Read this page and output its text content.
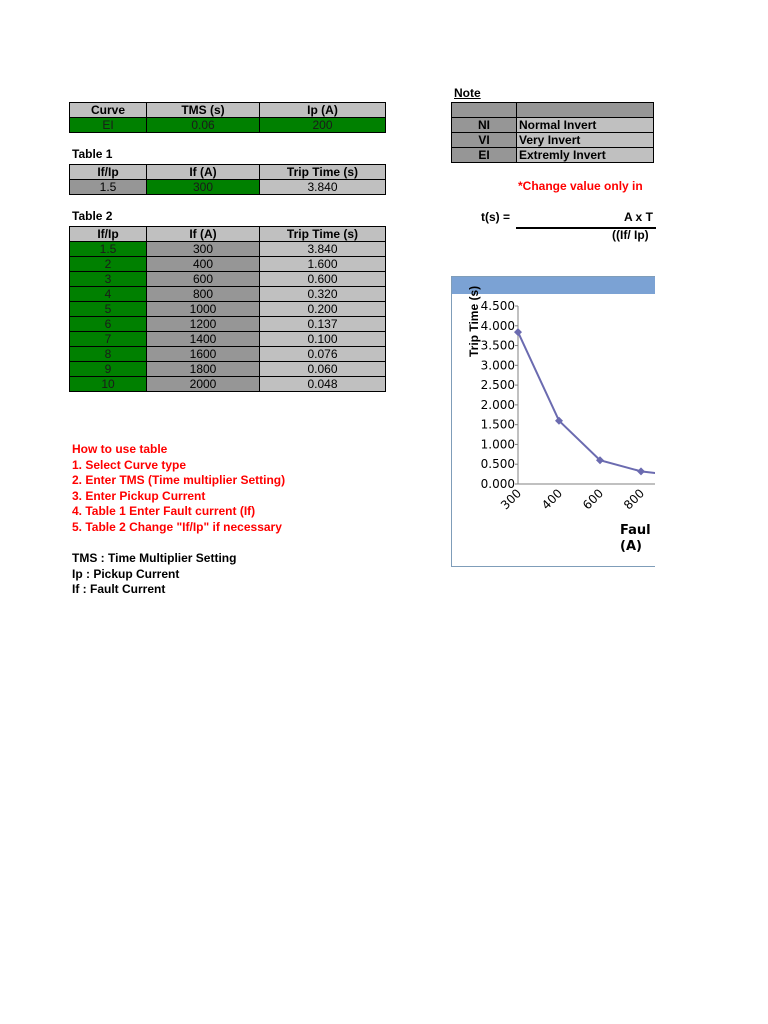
Curve	TMS (s)	Ip (A)
EI	0.06	200
Table 1
If/Ip	If (A)	Trip Time (s)
1.5	300	3.840
Table 2
If/Ip	If (A)	Trip Time (s)
1.5	300	3.840
2	400	1.600
3	600	0.600
4	800	0.320
5	1000	0.200
6	1200	0.137
7	1400	0.100
8	1600	0.076
9	1800	0.060
10	2000	0.048
How to use table
1. Select Curve type
2. Enter TMS (Time multiplier Setting)
3. Enter Pickup Current
4. Table 1 Enter Fault current (If)
5. Table 2 Change "If/Ip" if necessary
TMS : Time Multiplier Setting
Ip : Pickup Current
If : Fault Current
Note

NI	Normal Invert
VI	Very Invert
EI	Extremly Invert
*Change value only in
t(s) =	A x T
((If/ Ip)
Trip Time (s)
0.000
0.500
1.000
1.500
2.000
2.500
3.000
3.500
4.000
4.500
300 400 600 800
Faul
(A)
